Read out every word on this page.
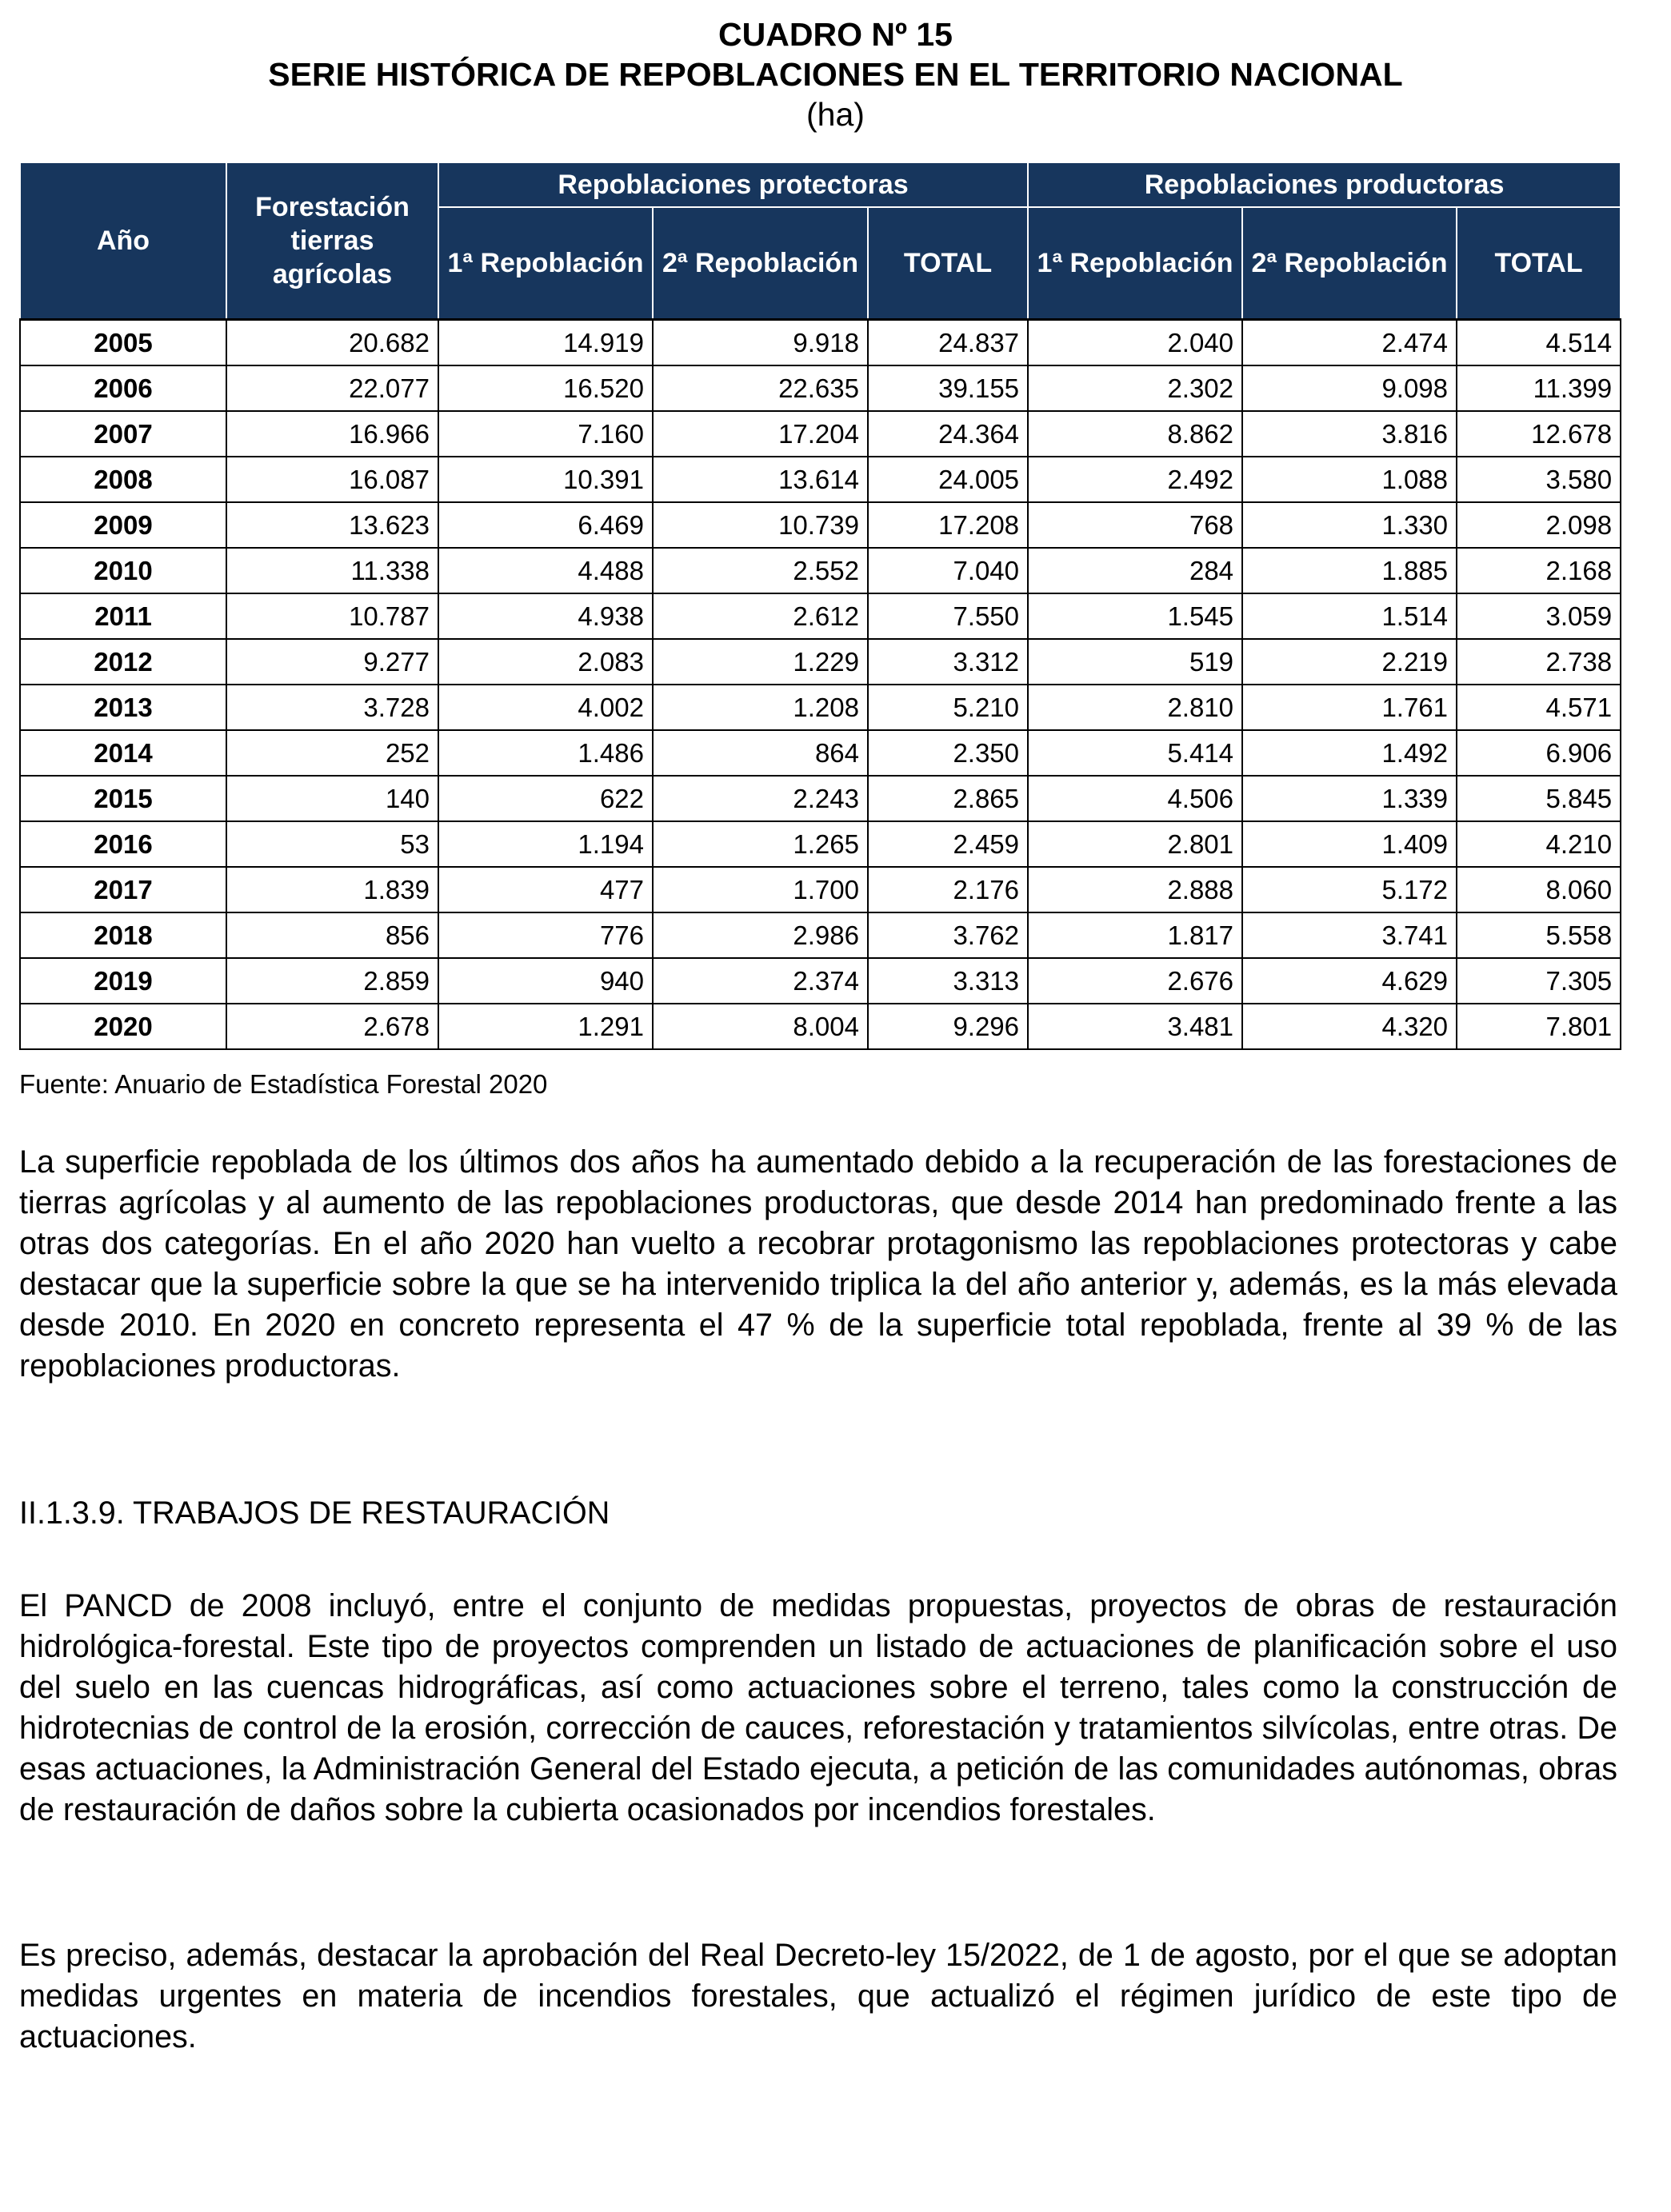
CUADRO Nº 15
SERIE HISTÓRICA DE REPOBLACIONES EN EL TERRITORIO NACIONAL
(ha)
Año	Forestación tierras agrícolas	Repoblaciones protectoras			Repoblaciones productoras		
		1ª Repoblación	2ª Repoblación	TOTAL	1ª Repoblación	2ª Repoblación	TOTAL
2005	20.682	14.919	9.918	24.837	2.040	2.474	4.514
2006	22.077	16.520	22.635	39.155	2.302	9.098	11.399
2007	16.966	7.160	17.204	24.364	8.862	3.816	12.678
2008	16.087	10.391	13.614	24.005	2.492	1.088	3.580
2009	13.623	6.469	10.739	17.208	768	1.330	2.098
2010	11.338	4.488	2.552	7.040	284	1.885	2.168
2011	10.787	4.938	2.612	7.550	1.545	1.514	3.059
2012	9.277	2.083	1.229	3.312	519	2.219	2.738
2013	3.728	4.002	1.208	5.210	2.810	1.761	4.571
2014	252	1.486	864	2.350	5.414	1.492	6.906
2015	140	622	2.243	2.865	4.506	1.339	5.845
2016	53	1.194	1.265	2.459	2.801	1.409	4.210
2017	1.839	477	1.700	2.176	2.888	5.172	8.060
2018	856	776	2.986	3.762	1.817	3.741	5.558
2019	2.859	940	2.374	3.313	2.676	4.629	7.305
2020	2.678	1.291	8.004	9.296	3.481	4.320	7.801
Fuente: Anuario de Estadística Forestal 2020
La superficie repoblada de los últimos dos años ha aumentado debido a la recuperación de las forestaciones de tierras agrícolas y al aumento de las repoblaciones productoras, que desde 2014 han predominado frente a las otras dos categorías. En el año 2020 han vuelto a recobrar protagonismo las repoblaciones protectoras y cabe destacar que la superficie sobre la que se ha intervenido triplica la del año anterior y, además, es la más elevada desde 2010. En 2020 en concreto representa el 47 % de la superficie total repoblada, frente al 39 % de las repoblaciones productoras.
II.1.3.9. TRABAJOS DE RESTAURACIÓN
El PANCD de 2008 incluyó, entre el conjunto de medidas propuestas, proyectos de obras de restauración hidrológica-forestal. Este tipo de proyectos comprenden un listado de actuaciones de planificación sobre el uso del suelo en las cuencas hidrográficas, así como actuaciones sobre el terreno, tales como la construcción de hidrotecnias de control de la erosión, corrección de cauces, reforestación y tratamientos silvícolas, entre otras. De esas actuaciones, la Administración General del Estado ejecuta, a petición de las comunidades autónomas, obras de restauración de daños sobre la cubierta ocasionados por incendios forestales.
Es preciso, además, destacar la aprobación del Real Decreto-ley 15/2022, de 1 de agosto, por el que se adoptan medidas urgentes en materia de incendios forestales, que actualizó el régimen jurídico de este tipo de actuaciones.
